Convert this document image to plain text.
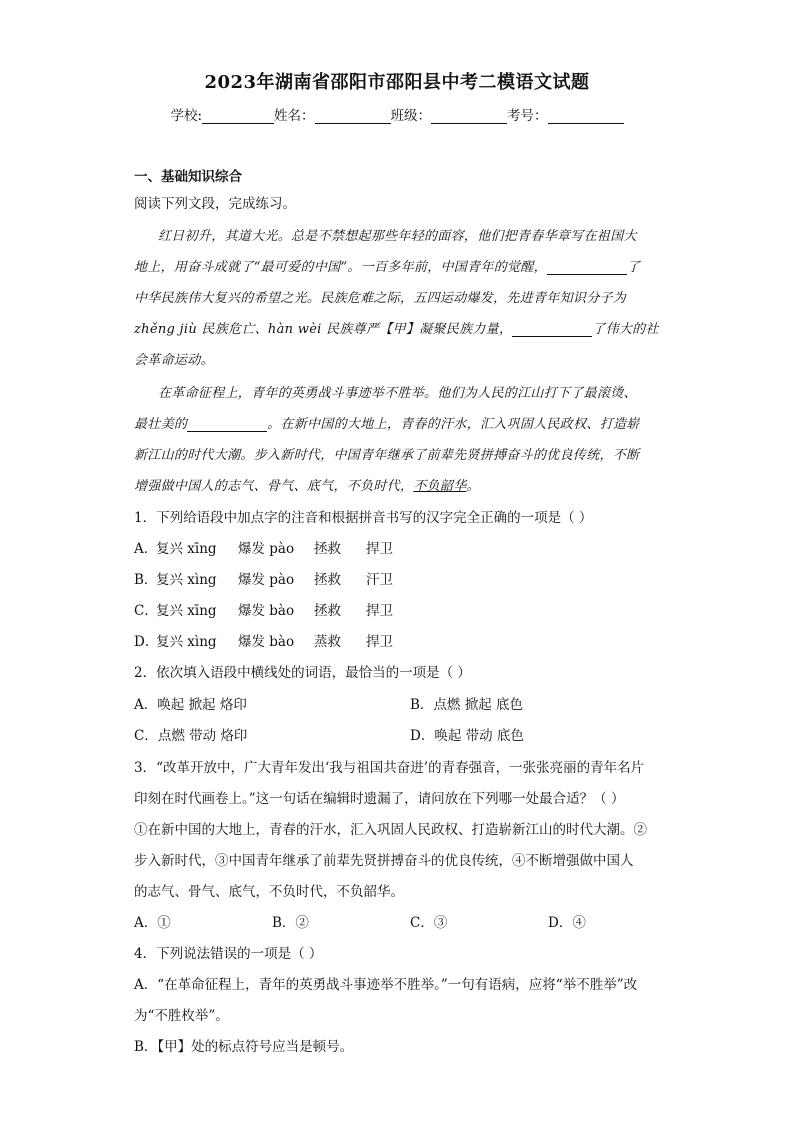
2023年湖南省邵阳市邵阳县中考二模语文试题
学校:	姓名：	班级：	考号：
一、基础知识综合
阅读下列文段，完成练习。
红日初升，其道大光。总是不禁想起那些年轻的面容，他们把青春华章写在祖国大
地上，用奋斗成就了“最可爱的中国”。一百多年前，中国青年的觉醒，	了
中华民族伟大复兴的希望之光。民族危难之际，五四运动爆发，先进青年知识分子为
zhěng jiù 民族危亡、hàn wèi 民族尊严【甲】凝聚民族力量，	了伟大的社
会革命运动。
在革命征程上，青年的英勇战斗事迹举不胜举。他们为人民的江山打下了最滚烫、
最壮美的	。在新中国的大地上，青春的汗水，汇入巩固人民政权、打造崭
新江山的时代大潮。步入新时代，中国青年继承了前辈先贤拼搏奋斗的优良传统，不断
增强做中国人的志气、骨气、底气，不负时代，不负韶华。
1．下列给语段中加点字的注音和根据拼音书写的汉字完全正确的一项是（ ）
A．复兴 xīng 爆发 pào 拯救 捍卫
B．复兴 xìng 爆发 pào 拯救 汗卫
C．复兴 xīng 爆发 bào 拯救 捍卫
D．复兴 xìng 爆发 bào 蒸救 捍卫
2．依次填入语段中横线处的词语，最恰当的一项是（ ）
A．唤起 掀起 烙印	B．点燃 掀起 底色
C．点燃 带动 烙印	D．唤起 带动 底色
3．“改革开放中，广大青年发出‘我与祖国共奋进’的青春强音，一张张亮丽的青年名片
印刻在时代画卷上。”这一句话在编辑时遗漏了，请问放在下列哪一处最合适？（ ）
①在新中国的大地上，青春的汗水，汇入巩固人民政权、打造崭新江山的时代大潮。②
步入新时代，③中国青年继承了前辈先贤拼搏奋斗的优良传统，④不断增强做中国人
的志气、骨气、底气，不负时代，不负韶华。
A．①	B．②	C．③	D．④
4．下列说法错误的一项是（ ）
A．“在革命征程上，青年的英勇战斗事迹举不胜举。”一句有语病，应将“举不胜举”改
为“不胜枚举”。
B．【甲】处的标点符号应当是顿号。
